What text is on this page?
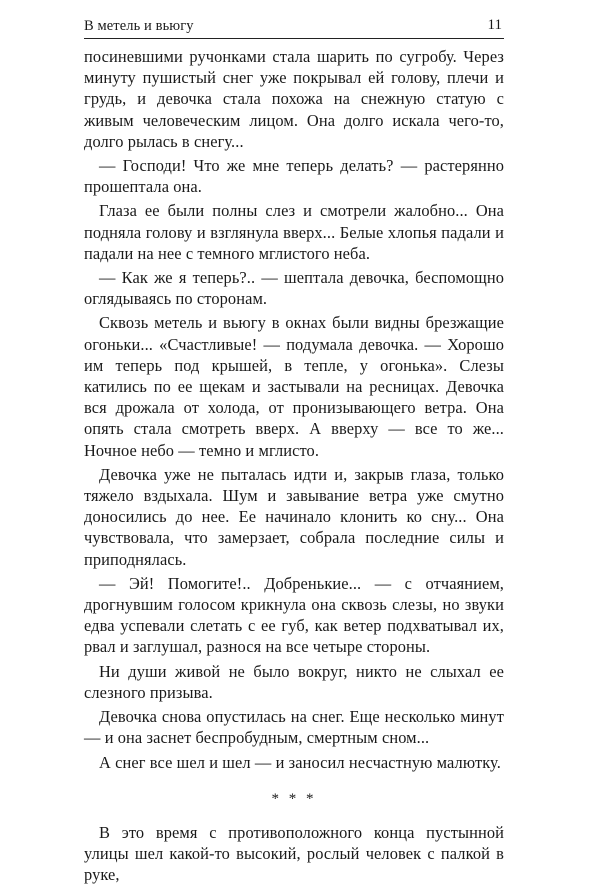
В метель и вьюгу	11

посиневшими ручонками стала шарить по сугробу. Через минуту пушистый снег уже покрывал ей голову, плечи и грудь, и девочка стала похожа на снежную статую с живым человеческим лицом. Она долго искала чего-то, долго рылась в снегу...

— Господи! Что же мне теперь делать? — растерянно прошептала она.

Глаза ее были полны слез и смотрели жалобно... Она подняла голову и взглянула вверх... Белые хлопья падали и падали на нее с темного мглистого неба.

— Как же я теперь?.. — шептала девочка, беспомощно оглядываясь по сторонам.

Сквозь метель и вьюгу в окнах были видны брезжащие огоньки... «Счастливые! — подумала девочка. — Хорошо им теперь под крышей, в тепле, у огонька». Слезы катились по ее щекам и застывали на ресницах. Девочка вся дрожала от холода, от пронизывающего ветра. Она опять стала смотреть вверх. А вверху — все то же... Ночное небо — темно и мглисто.

Девочка уже не пыталась идти и, закрыв глаза, только тяжело вздыхала. Шум и завывание ветра уже смутно доносились до нее. Ее начинало клонить ко сну... Она чувствовала, что замерзает, собрала последние силы и приподнялась.

— Эй! Помогите!.. Добренькие... — с отчаянием, дрогнувшим голосом крикнула она сквозь слезы, но звуки едва успевали слетать с ее губ, как ветер подхватывал их, рвал и заглушал, разнося на все четыре стороны.

Ни души живой не было вокруг, никто не слыхал ее слезного призыва.

Девочка снова опустилась на снег. Еще несколько минут — и она заснет беспробудным, смертным сном...

А снег все шел и шел — и заносил несчастную малютку.

* * *

В это время с противоположного конца пустынной улицы шел какой-то высокий, рослый человек с палкой в руке,
